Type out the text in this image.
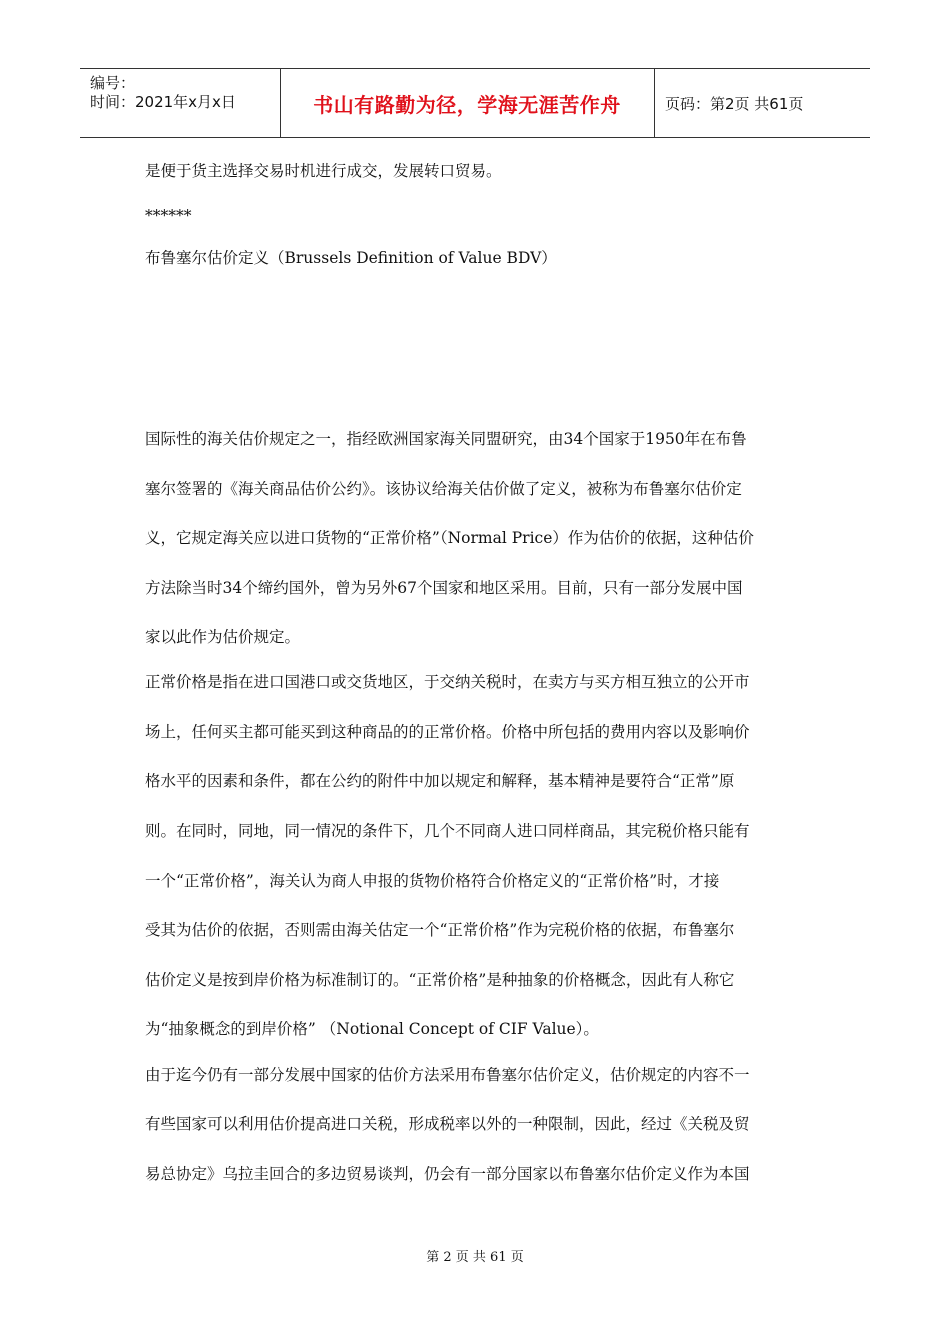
编号：
时间：2021年x月x日	书山有路勤为径，学海无涯苦作舟	页码：第2页 共61页
是便于货主选择交易时机进行成交，发展转口贸易。
******
布鲁塞尔估价定义（Brussels Definition of Value BDV）
国际性的海关估价规定之一，指经欧洲国家海关同盟研究，由34个国家于1950年在布鲁
塞尔签署的《海关商品估价公约》。该协议给海关估价做了定义，被称为布鲁塞尔估价定
义，它规定海关应以进口货物的“正常价格”（Normal Price）作为估价的依据，这种估价
方法除当时34个缔约国外，曾为另外67个国家和地区采用。目前，只有一部分发展中国
家以此作为估价规定。
正常价格是指在进口国港口或交货地区，于交纳关税时，在卖方与买方相互独立的公开市
场上，任何买主都可能买到这种商品的的正常价格。价格中所包括的费用内容以及影响价
格水平的因素和条件，都在公约的附件中加以规定和解释，基本精神是要符合“正常”原
则。在同时，同地，同一情况的条件下，几个不同商人进口同样商品，其完税价格只能有
一个“正常价格”，海关认为商人申报的货物价格符合价格定义的“正常价格”时，才接
受其为估价的依据，否则需由海关估定一个“正常价格”作为完税价格的依据，布鲁塞尔
估价定义是按到岸价格为标准制订的。“正常价格”是种抽象的价格概念，因此有人称它
为“抽象概念的到岸价格” （Notional Concept of CIF Value）。
由于迄今仍有一部分发展中国家的估价方法采用布鲁塞尔估价定义，估价规定的内容不一
有些国家可以利用估价提高进口关税，形成税率以外的一种限制，因此，经过《关税及贸
易总协定》乌拉圭回合的多边贸易谈判，仍会有一部分国家以布鲁塞尔估价定义作为本国
第 2 页 共 61 页
